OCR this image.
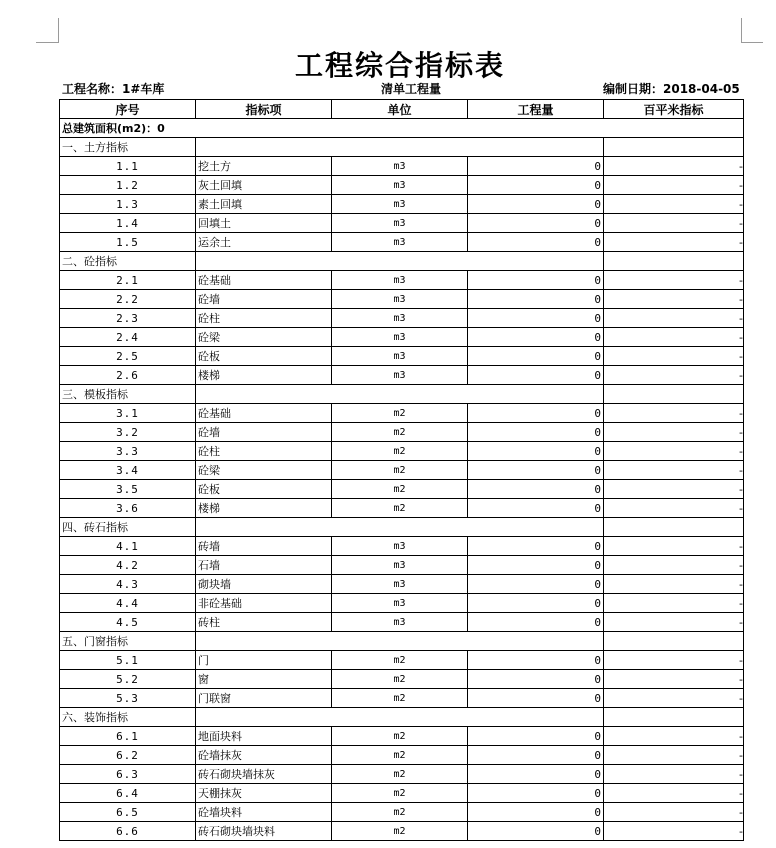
工程综合指标表
工程名称：1#车库	清单工程量	编制日期：2018-04-05
序号	指标项	单位	工程量	百平米指标
总建筑面积(m2)：0				
一、土方指标				
1.1	挖土方	m3	0	-
1.2	灰土回填	m3	0	-
1.3	素土回填	m3	0	-
1.4	回填土	m3	0	-
1.5	运余土	m3	0	-
二、砼指标				
2.1	砼基础	m3	0	-
2.2	砼墙	m3	0	-
2.3	砼柱	m3	0	-
2.4	砼梁	m3	0	-
2.5	砼板	m3	0	-
2.6	楼梯	m3	0	-
三、模板指标				
3.1	砼基础	m2	0	-
3.2	砼墙	m2	0	-
3.3	砼柱	m2	0	-
3.4	砼梁	m2	0	-
3.5	砼板	m2	0	-
3.6	楼梯	m2	0	-
四、砖石指标				
4.1	砖墙	m3	0	-
4.2	石墙	m3	0	-
4.3	砌块墙	m3	0	-
4.4	非砼基础	m3	0	-
4.5	砖柱	m3	0	-
五、门窗指标				
5.1	门	m2	0	-
5.2	窗	m2	0	-
5.3	门联窗	m2	0	-
六、装饰指标				
6.1	地面块料	m2	0	-
6.2	砼墙抹灰	m2	0	-
6.3	砖石砌块墙抹灰	m2	0	-
6.4	天棚抹灰	m2	0	-
6.5	砼墙块料	m2	0	-
6.6	砖石砌块墙块料	m2	0	-
